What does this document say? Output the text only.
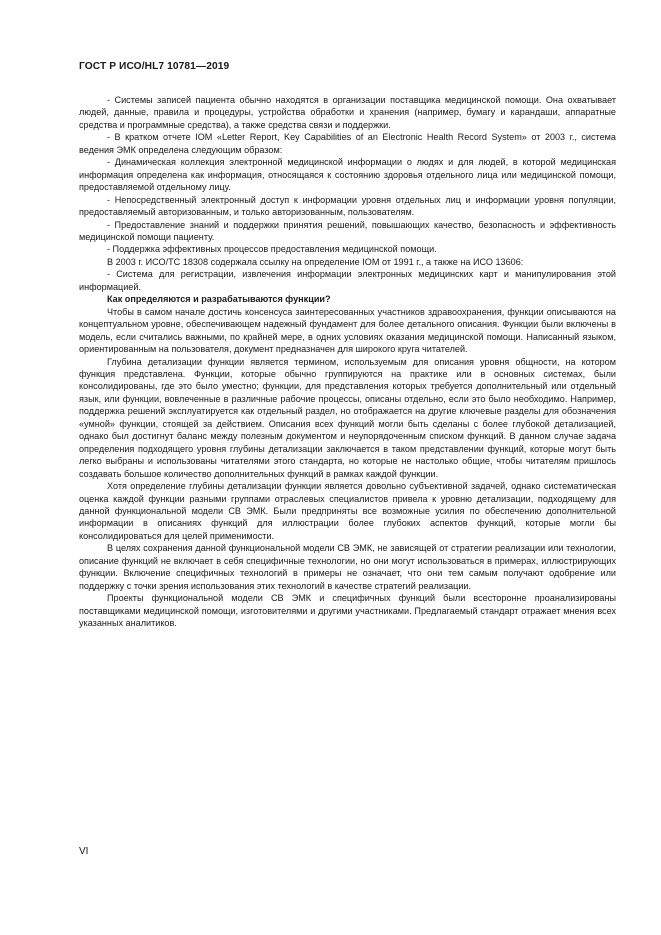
ГОСТ Р ИСО/HL7 10781—2019

- Системы записей пациента обычно находятся в организации поставщика медицинской помощи. Она охватывает людей, данные, правила и процедуры, устройства обработки и хранения (например, бумагу и карандаши, аппаратные средства и программные средства), а также средства связи и поддержки.

- В кратком отчете IOM «Letter Report, Key Capabilities of an Electronic Health Record System» от 2003 г., система ведения ЭМК определена следующим образом:

- Динамическая коллекция электронной медицинской информации о людях и для людей, в которой медицинская информация определена как информация, относящаяся к состоянию здоровья отдельного лица или медицинской помощи, предоставляемой отдельному лицу.

- Непосредственный электронный доступ к информации уровня отдельных лиц и информации уровня популяции, предоставляемый авторизованным, и только авторизованным, пользователям.

- Предоставление знаний и поддержки принятия решений, повышающих качество, безопасность и эффективность медицинской помощи пациенту.

- Поддержка эффективных процессов предоставления медицинской помощи.

В 2003 г. ИСО/ТС 18308 содержала ссылку на определение IOM от 1991 г., а также на ИСО 13606:

- Система для регистрации, извлечения информации электронных медицинских карт и манипулирования этой информацией.

Как определяются и разрабатываются функции?

Чтобы в самом начале достичь консенсуса заинтересованных участников здравоохранения, функции описываются на концептуальном уровне, обеспечивающем надежный фундамент для более детального описания. Функции были включены в модель, если считались важными, по крайней мере, в одних условиях оказания медицинской помощи. Написанный языком, ориентированным на пользователя, документ предназначен для широкого круга читателей.

Глубина детализации функции является термином, используемым для описания уровня общности, на котором функция представлена. Функции, которые обычно группируются на практике или в основных системах, были консолидированы, где это было уместно; функции, для представления которых требуется дополнительный или отдельный язык, или функции, вовлеченные в различные рабочие процессы, описаны отдельно, если это было необходимо. Например, поддержка решений эксплуатируется как отдельный раздел, но отображается на другие ключевые разделы для обозначения «умной» функции, стоящей за действием. Описания всех функций могли быть сделаны с более глубокой детализацией, однако был достигнут баланс между полезным документом и неупорядоченным списком функций. В данном случае задача определения подходящего уровня глубины детализации заключается в таком представлении функций, которые могут быть легко выбраны и использованы читателями этого стандарта, но которые не настолько общие, чтобы читателям пришлось создавать большое количество дополнительных функций в рамках каждой функции.

Хотя определение глубины детализации функции является довольно субъективной задачей, однако систематическая оценка каждой функции разными группами отраслевых специалистов привела к уровню детализации, подходящему для данной функциональной модели СВ ЭМК. Были предприняты все возможные усилия по обеспечению дополнительной информации в описаниях функций для иллюстрации более глубоких аспектов функций, которые могли бы консолидироваться для целей применимости.

В целях сохранения данной функциональной модели СВ ЭМК, не зависящей от стратегии реализации или технологии, описание функций не включает в себя специфичные технологии, но они могут использоваться в примерах, иллюстрирующих функции. Включение специфичных технологий в примеры не означает, что они тем самым получают одобрение или поддержку с точки зрения использования этих технологий в качестве стратегий реализации.

Проекты функциональной модели СВ ЭМК и специфичных функций были всесторонне проанализированы поставщиками медицинской помощи, изготовителями и другими участниками. Предлагаемый стандарт отражает мнения всех указанных аналитиков.

VI
